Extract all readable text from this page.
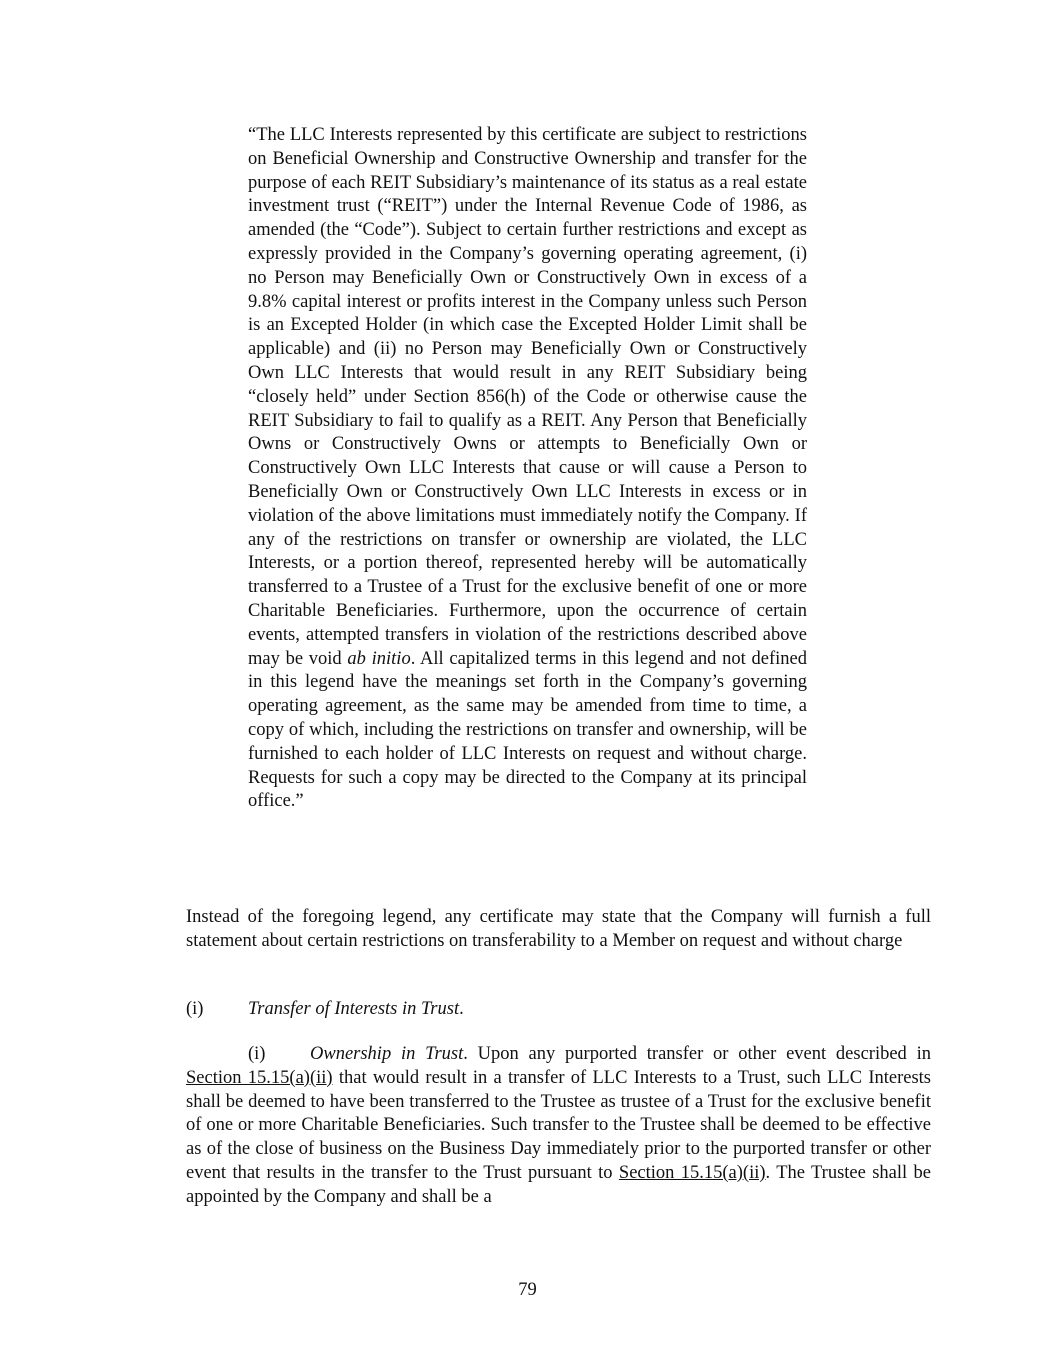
“The LLC Interests represented by this certificate are subject to restrictions on Beneficial Ownership and Constructive Ownership and transfer for the purpose of each REIT Subsidiary’s maintenance of its status as a real estate investment trust (“REIT”) under the Internal Revenue Code of 1986, as amended (the “Code”). Subject to certain further restrictions and except as expressly provided in the Company’s governing operating agreement, (i) no Person may Beneficially Own or Constructively Own in excess of a 9.8% capital interest or profits interest in the Company unless such Person is an Excepted Holder (in which case the Excepted Holder Limit shall be applicable) and (ii) no Person may Beneficially Own or Constructively Own LLC Interests that would result in any REIT Subsidiary being “closely held” under Section 856(h) of the Code or otherwise cause the REIT Subsidiary to fail to qualify as a REIT. Any Person that Beneficially Owns or Constructively Owns or attempts to Beneficially Own or Constructively Own LLC Interests that cause or will cause a Person to Beneficially Own or Constructively Own LLC Interests in excess or in violation of the above limitations must immediately notify the Company. If any of the restrictions on transfer or ownership are violated, the LLC Interests, or a portion thereof, represented hereby will be automatically transferred to a Trustee of a Trust for the exclusive benefit of one or more Charitable Beneficiaries. Furthermore, upon the occurrence of certain events, attempted transfers in violation of the restrictions described above may be void ab initio. All capitalized terms in this legend and not defined in this legend have the meanings set forth in the Company’s governing operating agreement, as the same may be amended from time to time, a copy of which, including the restrictions on transfer and ownership, will be furnished to each holder of LLC Interests on request and without charge. Requests for such a copy may be directed to the Company at its principal office.”

Instead of the foregoing legend, any certificate may state that the Company will furnish a full statement about certain restrictions on transferability to a Member on request and without charge

(i) Transfer of Interests in Trust.

(i) Ownership in Trust. Upon any purported transfer or other event described in Section 15.15(a)(ii) that would result in a transfer of LLC Interests to a Trust, such LLC Interests shall be deemed to have been transferred to the Trustee as trustee of a Trust for the exclusive benefit of one or more Charitable Beneficiaries. Such transfer to the Trustee shall be deemed to be effective as of the close of business on the Business Day immediately prior to the purported transfer or other event that results in the transfer to the Trust pursuant to Section 15.15(a)(ii). The Trustee shall be appointed by the Company and shall be a

79
